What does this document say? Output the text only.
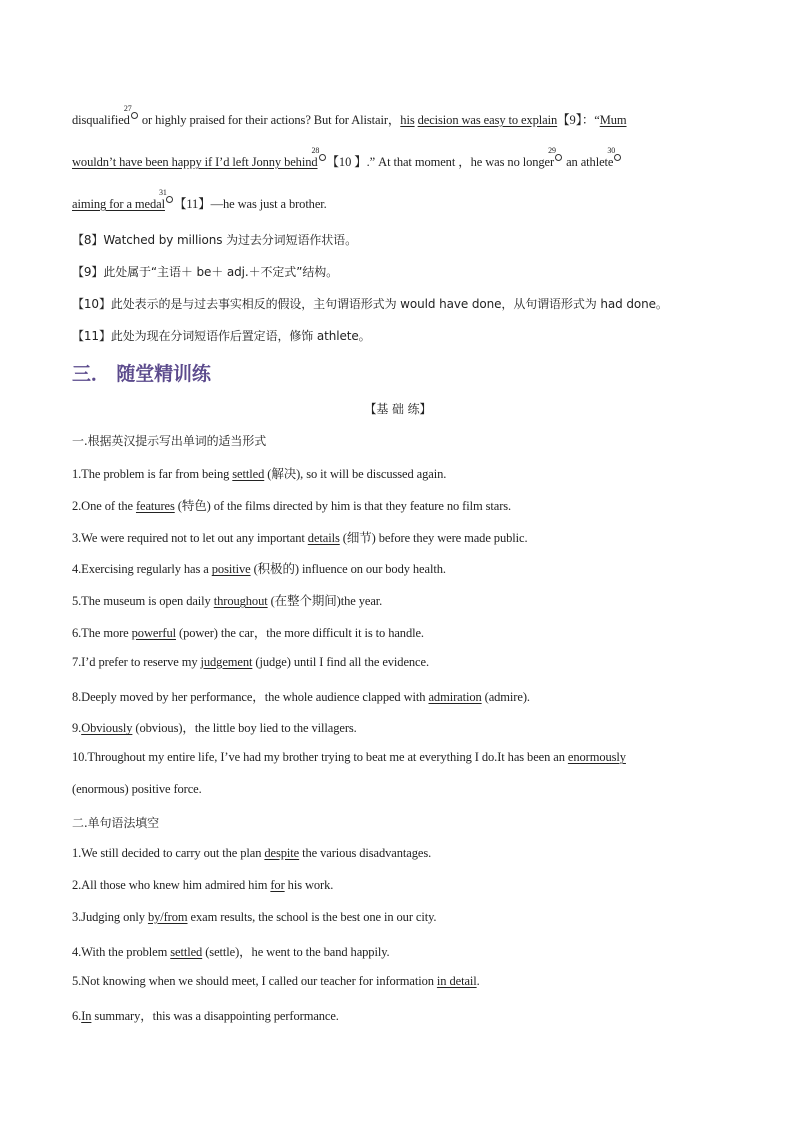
disqualified
27
or highly praised for their actions? But for Alistair，his decision was easy to explain【9】：“Mum
wouldn’t have been happy if I’d left Jonny behind
28
【10 】.” At that moment ，he was no longer
29
an athlete
30
aiming for a medal
31
【11】—he was just a brother.
【8】Watched by millions 为过去分词短语作状语。
【9】此处属于“主语＋ be＋ adj.＋不定式”结构。
【10】此处表示的是与过去事实相反的假设，主句谓语形式为 would have done，从句谓语形式为 had done。
【11】此处为现在分词短语作后置定语，修饰 athlete。
三． 随堂精训练
【基 础 练】
一.根据英汉提示写出单词的适当形式
1.The problem is far from being settled (解决), so it will be discussed again.
2.One of the features (特色) of the films directed by him is that they feature no film stars.
3.We were required not to let out any important details (细节) before they were made public.
4.Exercising regularly has a positive (积极的) influence on our body health.
5.The museum is open daily throughout (在整个期间)the year.
6.The more powerful (power) the car，the more difficult it is to handle.
7.I’d prefer to reserve my judgement (judge) until I find all the evidence.
8.Deeply moved by her performance，the whole audience clapped with admiration (admire).
9.Obviously (obvious)，the little boy lied to the villagers.
10.Throughout my entire life, I’ve had my brother trying to beat me at everything I do.It has been an enormously
(enormous) positive force.
二.单句语法填空
1.We still decided to carry out the plan despite the various disadvantages.
2.All those who knew him admired him for his work.
3.Judging only by/from exam results, the school is the best one in our city.
4.With the problem settled (settle)，he went to the band happily.
5.Not knowing when we should meet, I called our teacher for information in detail.
6.In summary，this was a disappointing performance.
